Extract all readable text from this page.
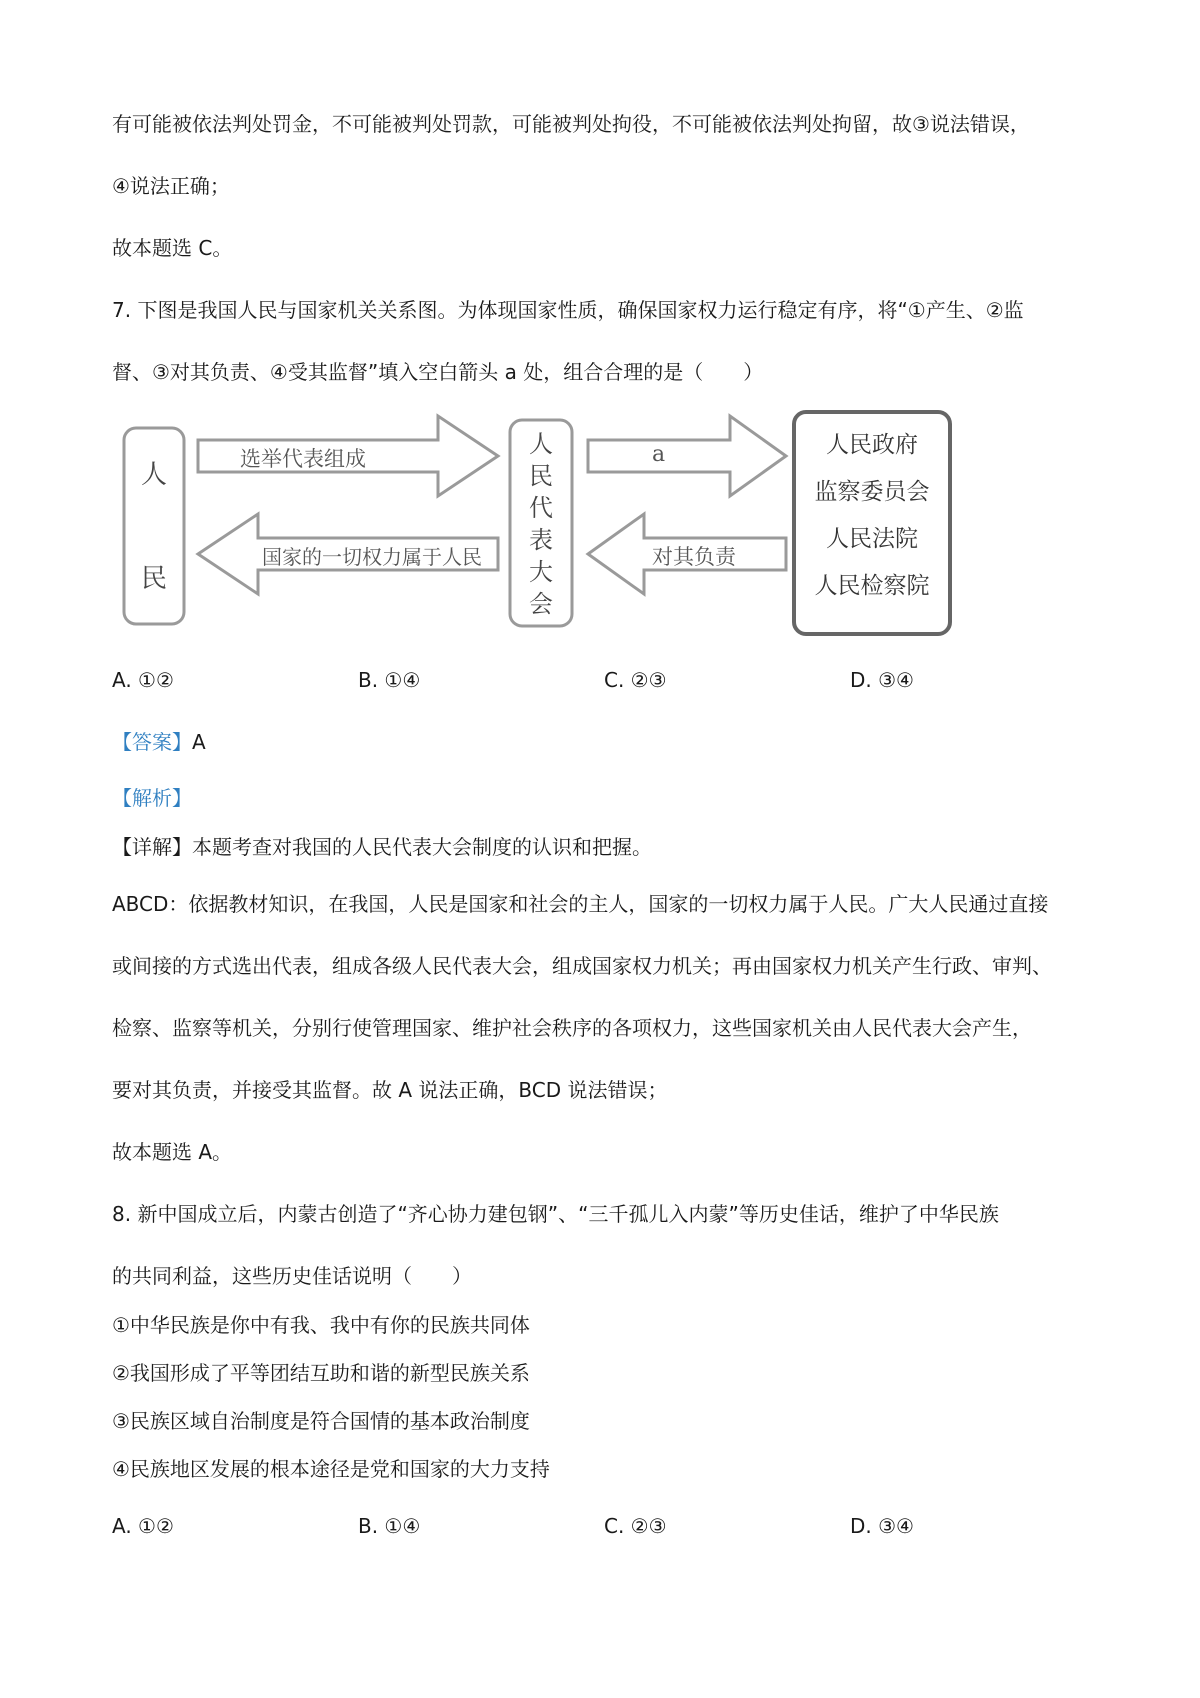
有可能被依法判处罚金，不可能被判处罚款，可能被判处拘役，不可能被依法判处拘留，故③说法错误，
④说法正确；
故本题选 C。
7. 下图是我国人民与国家机关关系图。为体现国家性质，确保国家权力运行稳定有序，将“①产生、②监
督、③对其负责、④受其监督”填入空白箭头 a 处，组合合理的是（　　）
人
民
选举代表组成
国家的一切权力属于人民
人
民
代
表
大
会
a
对其负责
人民政府
监察委员会
人民法院
人民检察院
A. ①②	B. ①④	C. ②③	D. ③④
【答案】A
【解析】
【详解】本题考查对我国的人民代表大会制度的认识和把握。
ABCD：依据教材知识，在我国，人民是国家和社会的主人，国家的一切权力属于人民。广大人民通过直接
或间接的方式选出代表，组成各级人民代表大会，组成国家权力机关；再由国家权力机关产生行政、审判、
检察、监察等机关，分别行使管理国家、维护社会秩序的各项权力，这些国家机关由人民代表大会产生，
要对其负责，并接受其监督。故 A 说法正确，BCD 说法错误；
故本题选 A。
8. 新中国成立后，内蒙古创造了“齐心协力建包钢”、“三千孤儿入内蒙”等历史佳话，维护了中华民族
的共同利益，这些历史佳话说明（　　）
①中华民族是你中有我、我中有你的民族共同体
②我国形成了平等团结互助和谐的新型民族关系
③民族区域自治制度是符合国情的基本政治制度
④民族地区发展的根本途径是党和国家的大力支持
A. ①②	B. ①④	C. ②③	D. ③④
